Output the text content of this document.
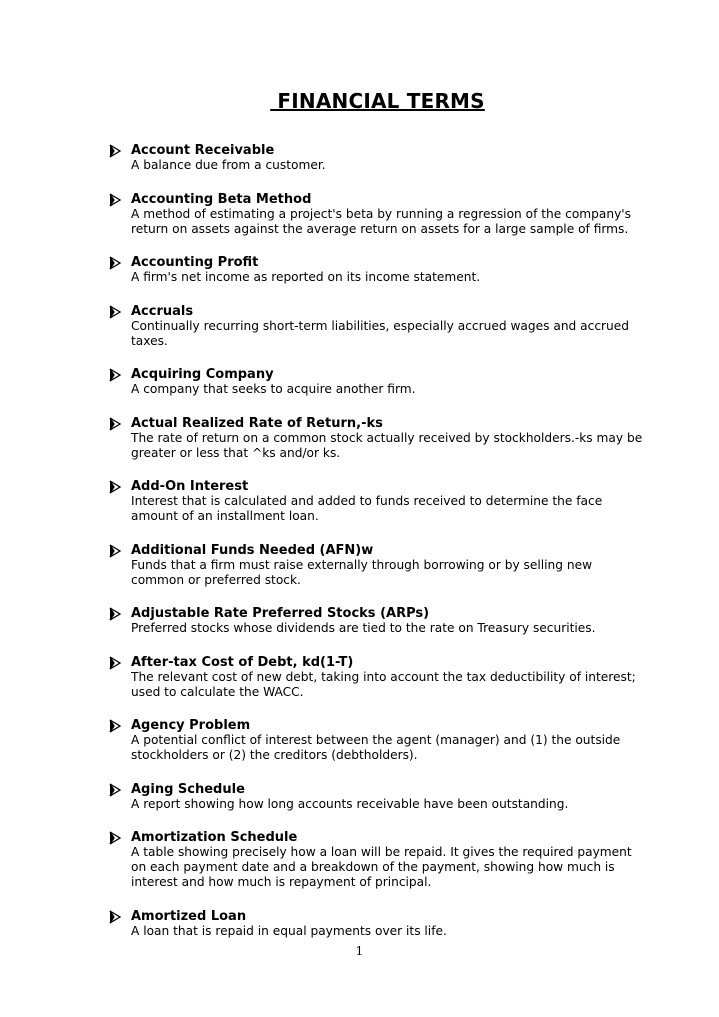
FINANCIAL TERMS
Account Receivable
A balance due from a customer.
Accounting Beta Method
A method of estimating a project's beta by running a regression of the company's return on assets against the average return on assets for a large sample of firms.
Accounting Profit
A firm's net income as reported on its income statement.
Accruals
Continually recurring short-term liabilities, especially accrued wages and accrued taxes.
Acquiring Company
A company that seeks to acquire another firm.
Actual Realized Rate of Return,-ks
The rate of return on a common stock actually received by stockholders.-ks may be greater or less that ^ks and/or ks.
Add-On Interest
Interest that is calculated and added to funds received to determine the face amount of an installment loan.
Additional Funds Needed (AFN)w
Funds that a firm must raise externally through borrowing or by selling new common or preferred stock.
Adjustable Rate Preferred Stocks (ARPs)
Preferred stocks whose dividends are tied to the rate on Treasury securities.
After-tax Cost of Debt, kd(1-T)
The relevant cost of new debt, taking into account the tax deductibility of interest; used to calculate the WACC.
Agency Problem
A potential conflict of interest between the agent (manager) and (1) the outside stockholders or (2) the creditors (debtholders).
Aging Schedule
A report showing how long accounts receivable have been outstanding.
Amortization Schedule
A table showing precisely how a loan will be repaid. It gives the required payment on each payment date and a breakdown of the payment, showing how much is interest and how much is repayment of principal.
Amortized Loan
A loan that is repaid in equal payments over its life.
1
